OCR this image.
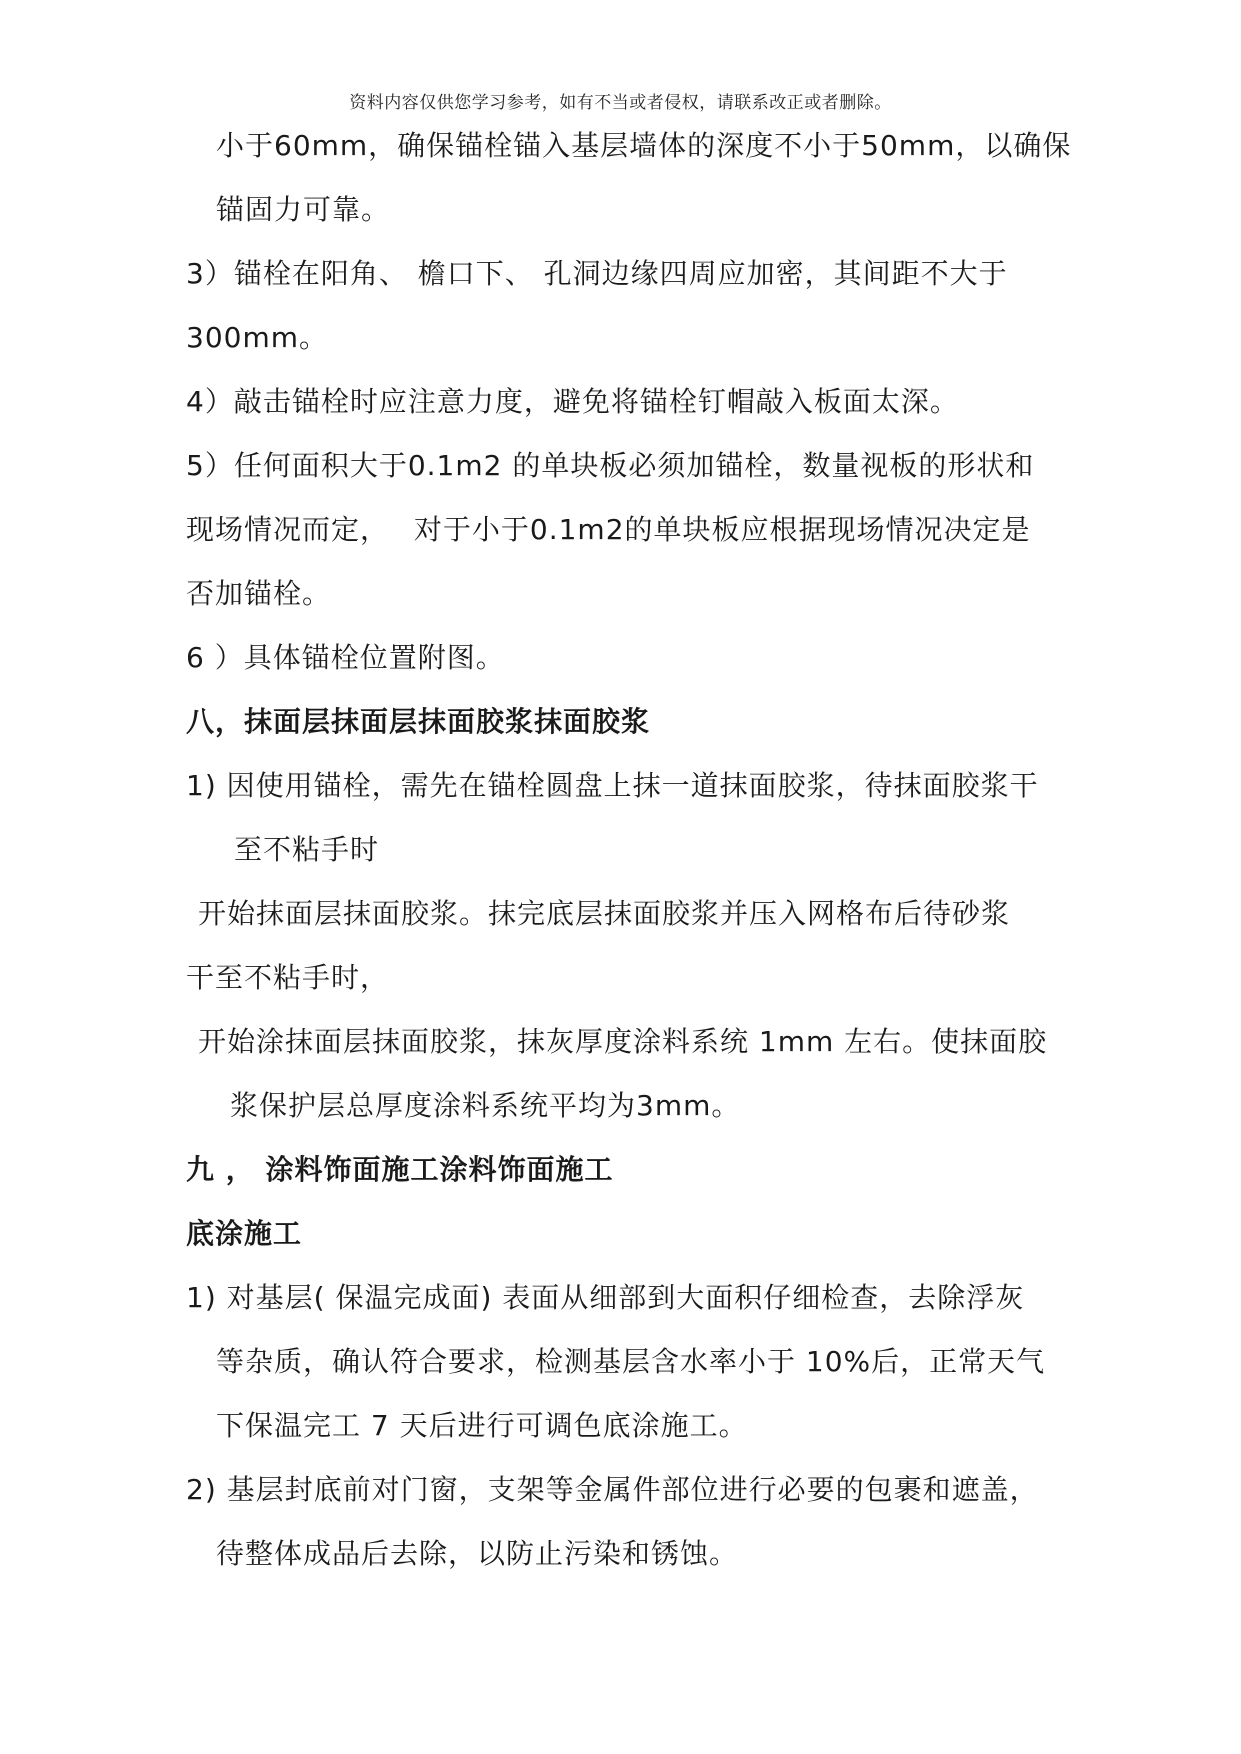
资料内容仅供您学习参考，如有不当或者侵权，请联系改正或者删除。
小于60mm，确保锚栓锚入基层墙体的深度不小于50mm，以确保
锚固力可靠。
3）锚栓在阳角、 檐口下、 孔洞边缘四周应加密，其间距不大于
300mm。
4）敲击锚栓时应注意力度，避免将锚栓钉帽敲入板面太深。
5）任何面积大于0.1m2 的单块板必须加锚栓，数量视板的形状和
现场情况而定，　 对于小于0.1m2的单块板应根据现场情况决定是
否加锚栓。
6 ）具体锚栓位置附图。
八，抹面层抹面层抹面胶浆抹面胶浆
1) 因使用锚栓，需先在锚栓圆盘上抹一道抹面胶浆，待抹面胶浆干
至不粘手时
开始抹面层抹面胶浆。抹完底层抹面胶浆并压入网格布后待砂浆
干至不粘手时，
开始涂抹面层抹面胶浆，抹灰厚度涂料系统 1mm 左右。使抹面胶
浆保护层总厚度涂料系统平均为3mm。
九 ， 涂料饰面施工涂料饰面施工
底涂施工
1) 对基层( 保温完成面) 表面从细部到大面积仔细检查，去除浮灰
等杂质，确认符合要求，检测基层含水率小于 10%后，正常天气
下保温完工 7 天后进行可调色底涂施工。
2) 基层封底前对门窗，支架等金属件部位进行必要的包裹和遮盖，
待整体成品后去除，以防止污染和锈蚀。
